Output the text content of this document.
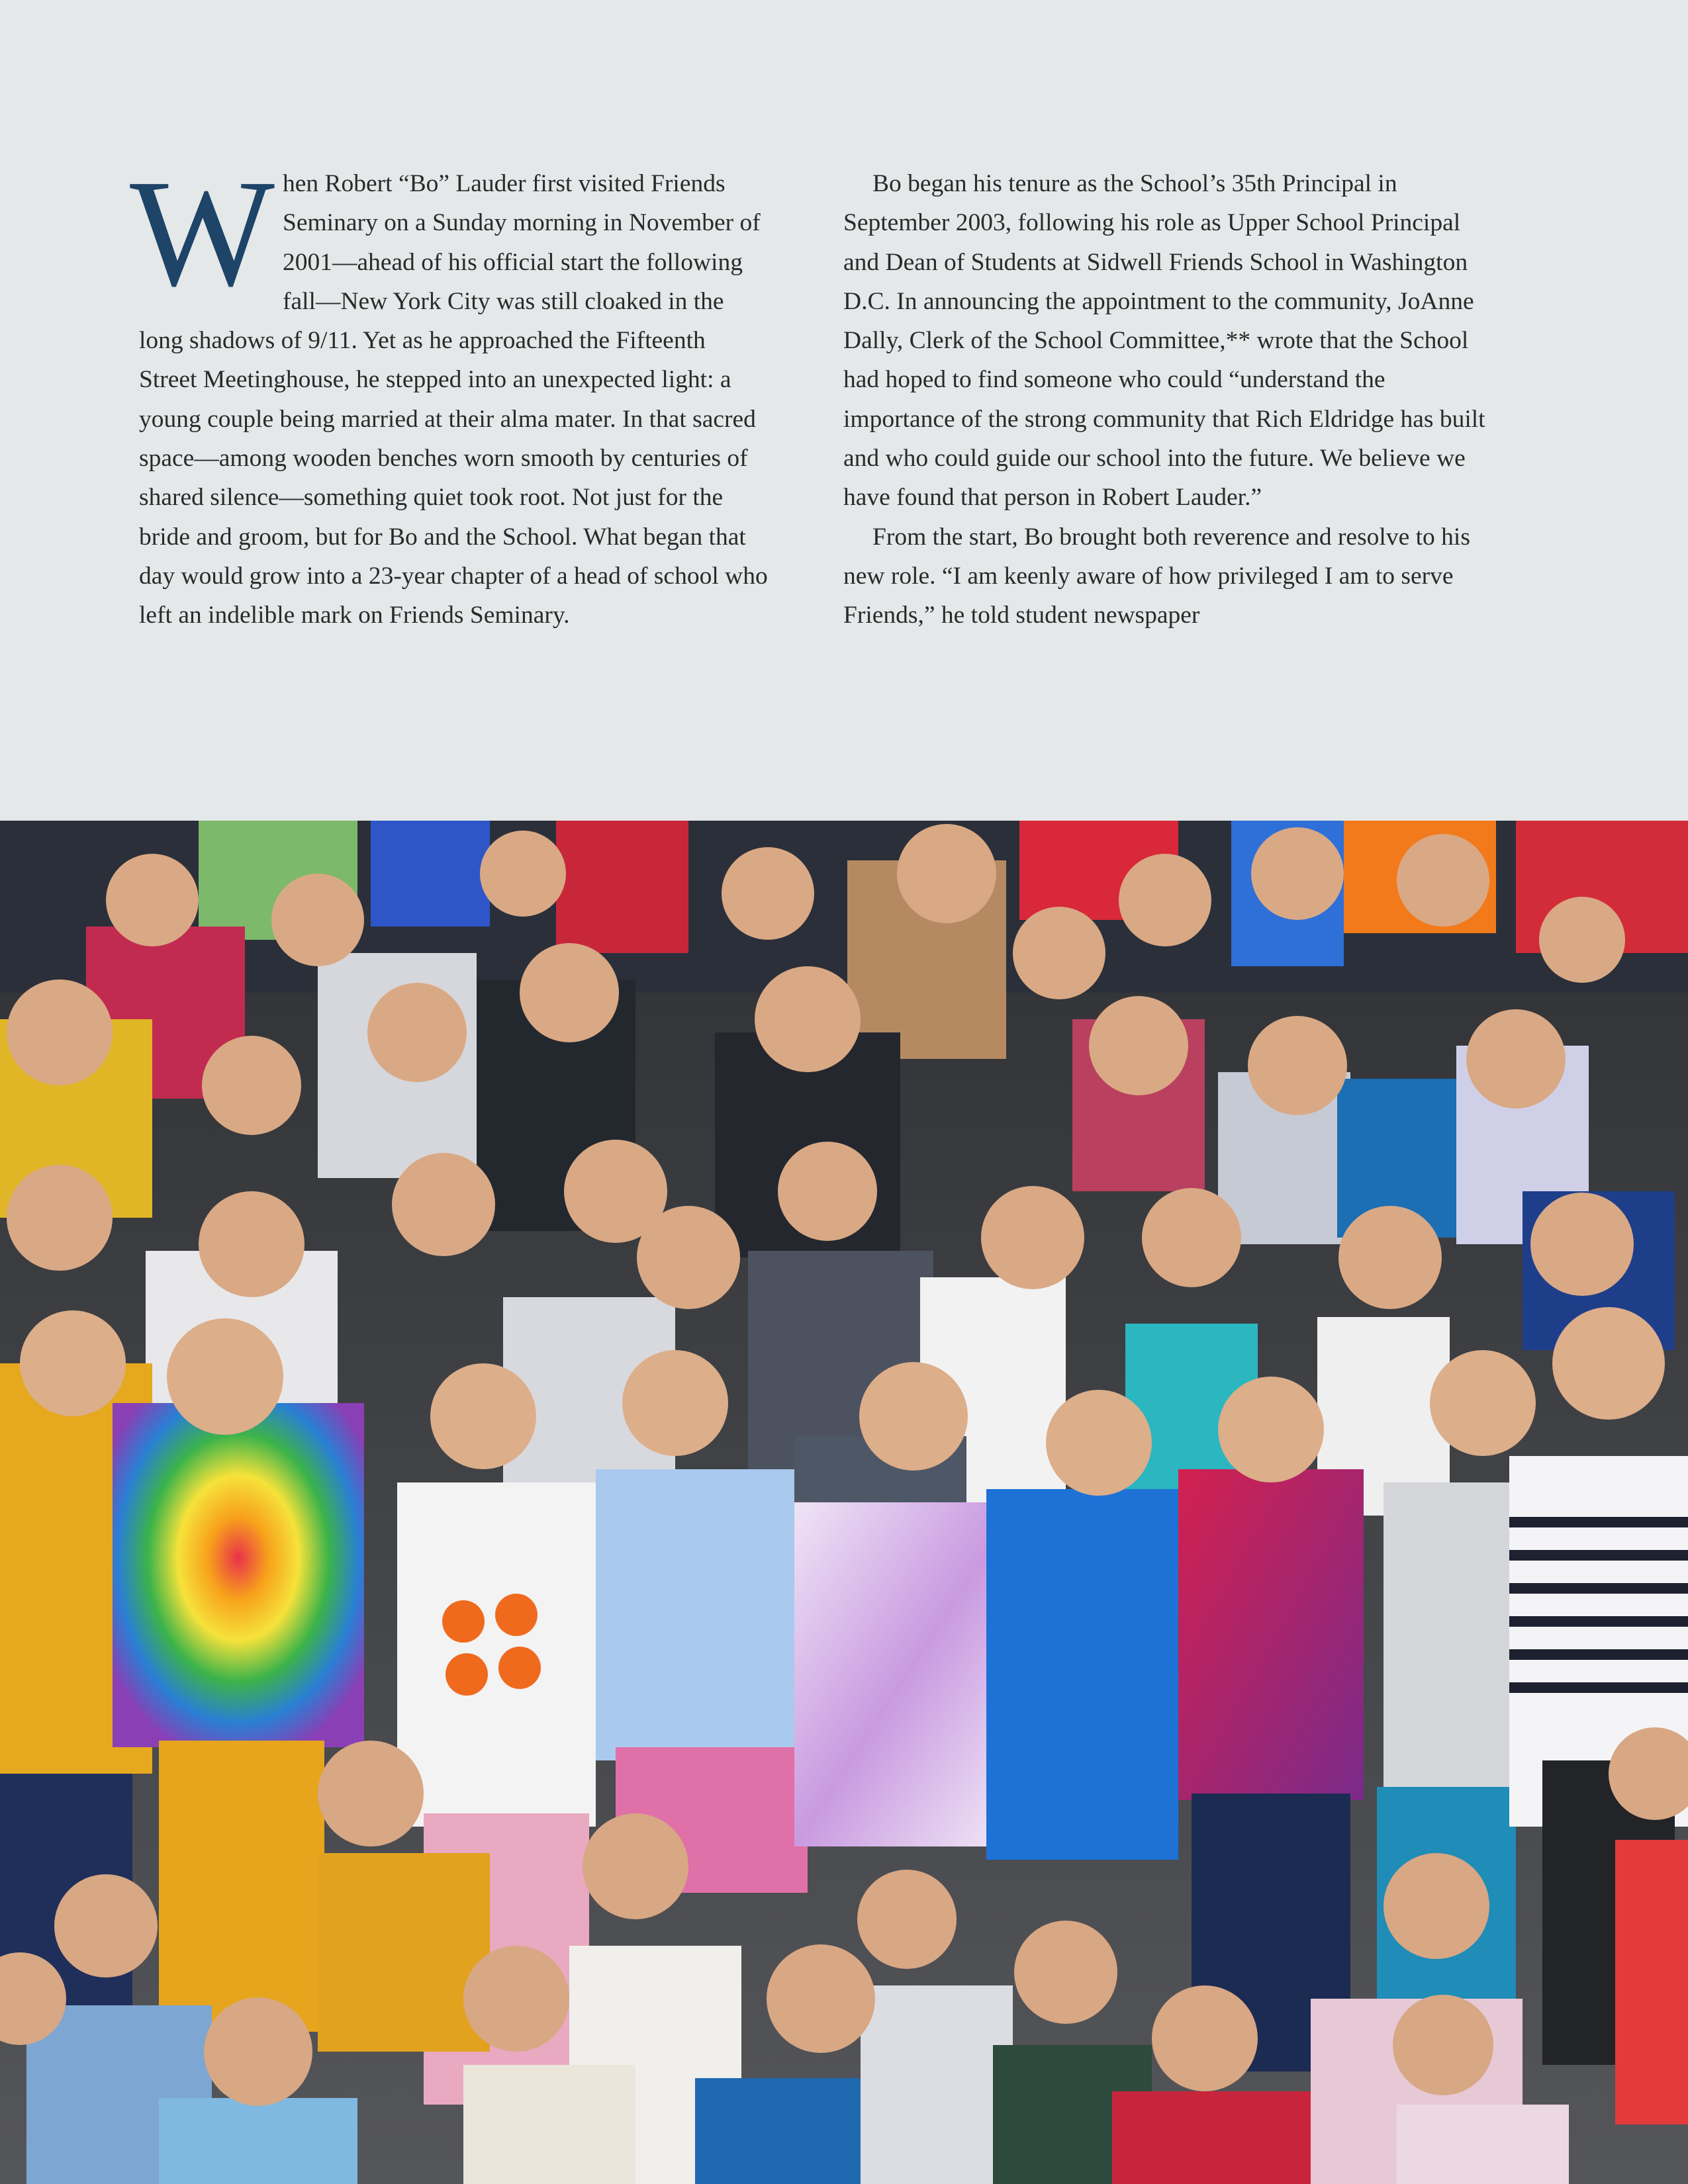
When Robert “Bo” Lauder first visited Friends Seminary on a Sunday morning in November of 2001—ahead of his official start the following fall—New York City was still cloaked in the long shadows of 9/11. Yet as he approached the Fifteenth Street Meetinghouse, he stepped into an unexpected light: a young couple being married at their alma mater. In that sacred space—among wooden benches worn smooth by centuries of shared silence—something quiet took root. Not just for the bride and groom, but for Bo and the School. What began that day would grow into a 23-year chapter of a head of school who left an indelible mark on Friends Seminary.

Bo began his tenure as the School’s 35th Principal in September 2003, following his role as Upper School Principal and Dean of Students at Sidwell Friends School in Washington D.C. In announcing the appointment to the community, JoAnne Dally, Clerk of the School Committee,** wrote that the School had hoped to find someone who could “understand the importance of the strong community that Rich Eldridge has built and who could guide our school into the future. We believe we have found that person in Robert Lauder.”

From the start, Bo brought both reverence and resolve to his new role. “I am keenly aware of how privileged I am to serve Friends,” he told student newspaper
